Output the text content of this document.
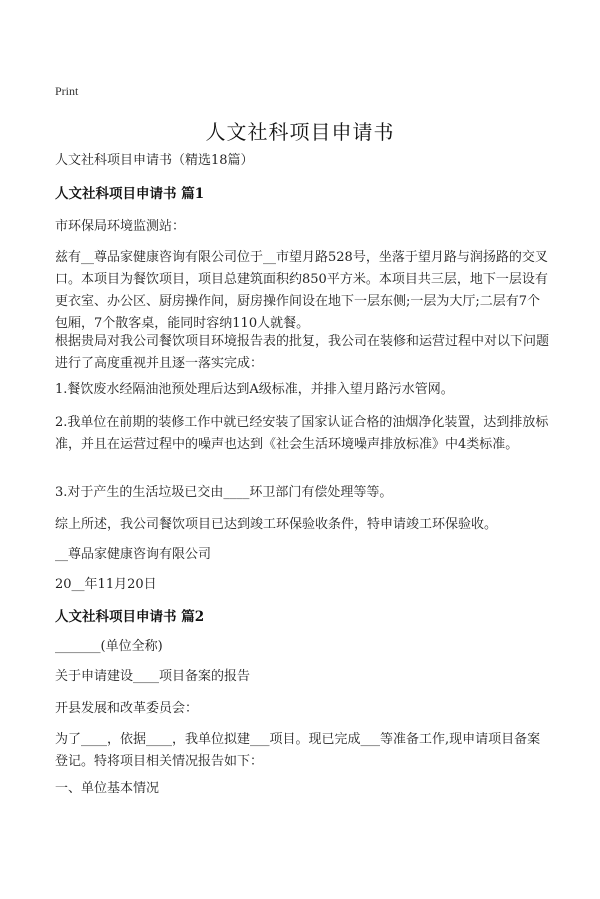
Print
人文社科项目申请书

人文社科项目申请书（精选18篇）

人文社科项目申请书 篇1

市环保局环境监测站：

兹有__尊品家健康咨询有限公司位于__市望月路528号，坐落于望月路与润扬路的交叉口。本项目为餐饮项目，项目总建筑面积约850平方米。本项目共三层，地下一层设有更衣室、办公区、厨房操作间，厨房操作间设在地下一层东侧;一层为大厅;二层有7个包厢，7个散客桌，能同时容纳110人就餐。

根据贵局对我公司餐饮项目环境报告表的批复，我公司在装修和运营过程中对以下问题进行了高度重视并且逐一落实完成：

1.餐饮废水经隔油池预处理后达到A级标准，并排入望月路污水管网。

2.我单位在前期的装修工作中就已经安装了国家认证合格的油烟净化装置，达到排放标准，并且在运营过程中的噪声也达到《社会生活环境噪声排放标准》中4类标准。

3.对于产生的生活垃圾已交由____环卫部门有偿处理等等。

综上所述，我公司餐饮项目已达到竣工环保验收条件，特申请竣工环保验收。

__尊品家健康咨询有限公司

20__年11月20日

人文社科项目申请书 篇2

_______(单位全称)

关于申请建设____项目备案的报告

开县发展和改革委员会：

为了____，依据____，我单位拟建___项目。现已完成___等准备工作,现申请项目备案登记。特将项目相关情况报告如下：

一、单位基本情况
